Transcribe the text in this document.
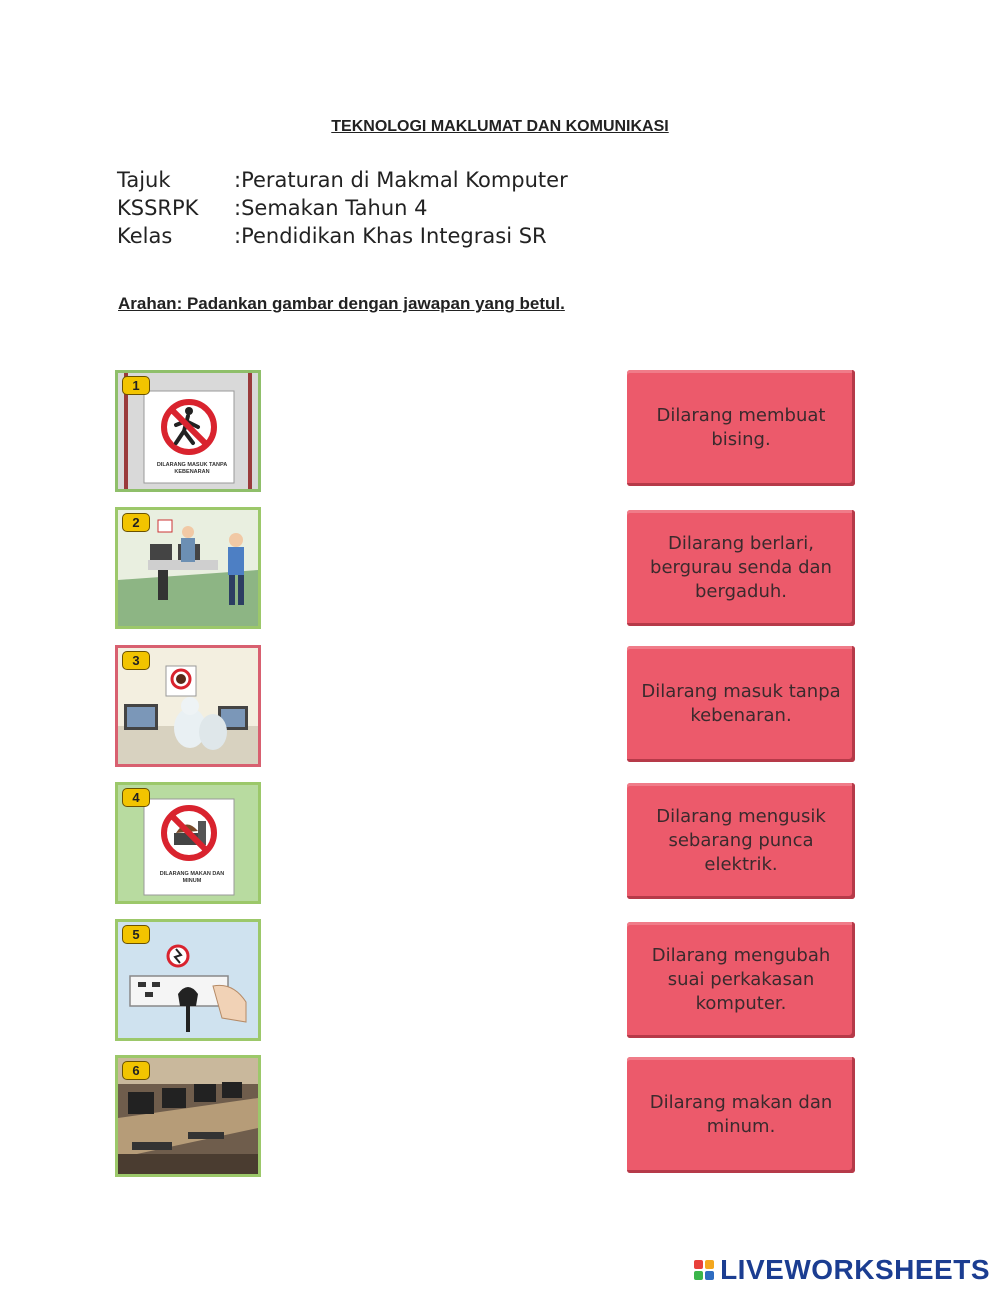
TEKNOLOGI MAKLUMAT DAN KOMUNIKASI
Tajuk	:Peraturan di Makmal Komputer
KSSRPK	:Semakan Tahun 4
Kelas	:Pendidikan Khas Integrasi SR
Arahan: Padankan gambar dengan jawapan yang betul.
1
DILARANG MASUK TANPA KEBENARAN
2
3
4
DILARANG MAKAN DAN MINUM
5
6
Dilarang membuat bising.
Dilarang berlari, bergurau senda dan bergaduh.
Dilarang masuk tanpa kebenaran.
Dilarang mengusik sebarang punca elektrik.
Dilarang mengubah suai perkakasan komputer.
Dilarang makan dan minum.
LIVEWORKSHEETS
